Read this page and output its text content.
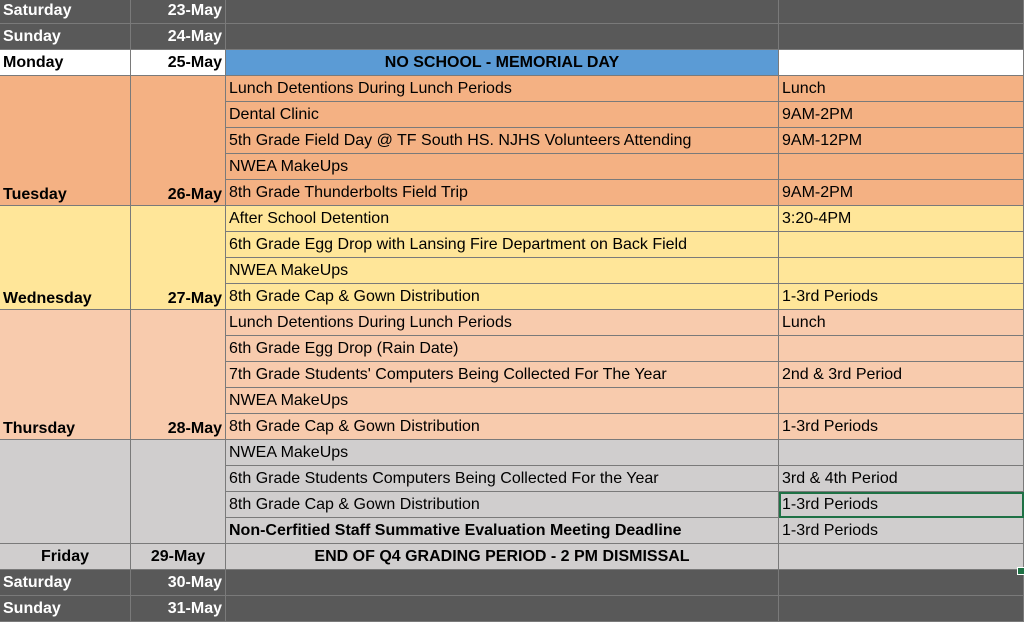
Saturday	23-May
Sunday	24-May
Monday	25-May	NO SCHOOL - MEMORIAL DAY
Tuesday	26-May
Lunch Detentions During Lunch Periods	Lunch
Dental Clinic	9AM-2PM
5th Grade Field Day @ TF South HS. NJHS Volunteers Attending	9AM-12PM
NWEA MakeUps
8th Grade Thunderbolts Field Trip	9AM-2PM
Wednesday	27-May
After School Detention	3:20-4PM
6th Grade Egg Drop with Lansing Fire Department on Back Field
NWEA MakeUps
8th Grade Cap & Gown Distribution	1-3rd Periods
Thursday	28-May
Lunch Detentions During Lunch Periods	Lunch
6th Grade Egg Drop (Rain Date)
7th Grade Students' Computers Being Collected For The Year	2nd & 3rd Period
NWEA MakeUps
8th Grade Cap & Gown Distribution	1-3rd Periods
NWEA MakeUps
6th Grade Students Computers Being Collected For the Year	3rd & 4th Period
8th Grade Cap & Gown Distribution	1-3rd Periods
Non-Cerfitied Staff Summative Evaluation Meeting Deadline	1-3rd Periods
Friday	29-May	END OF Q4 GRADING PERIOD - 2 PM DISMISSAL
Saturday	30-May
Sunday	31-May
